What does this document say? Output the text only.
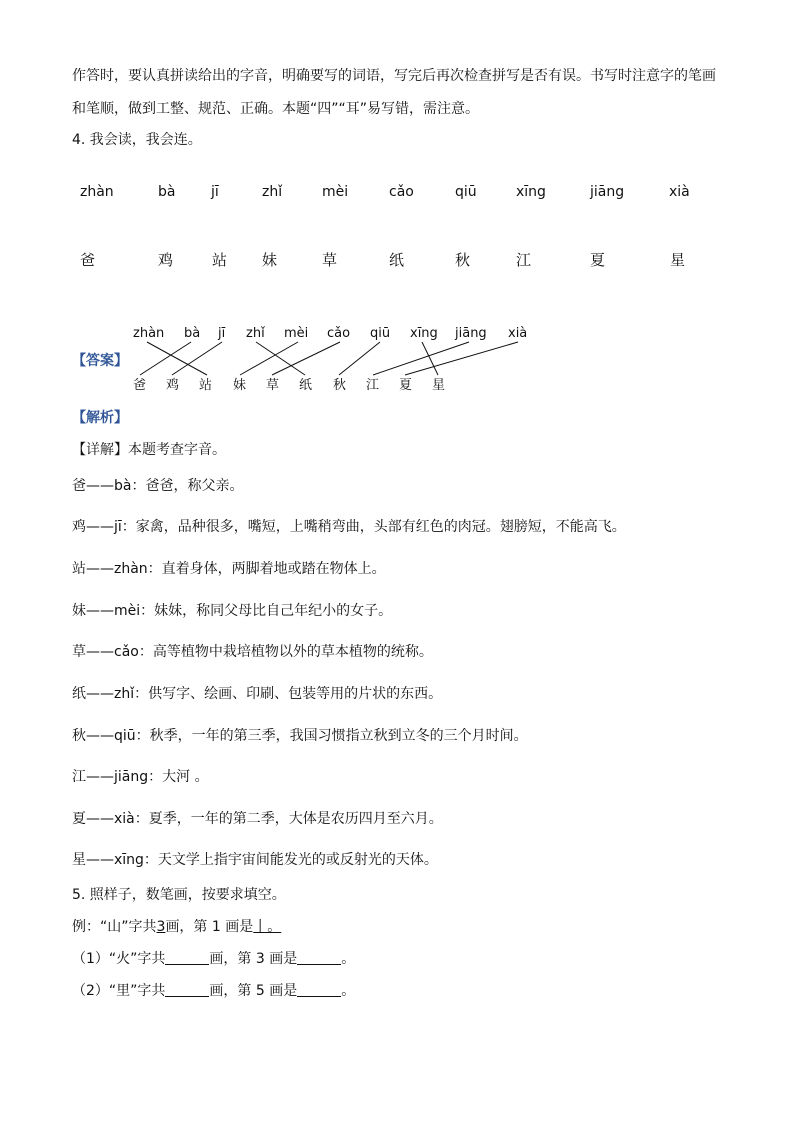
作答时，要认真拼读给出的字音，明确要写的词语，写完后再次检查拼写是否有误。书写时注意字的笔画
和笔顺，做到工整、规范、正确。本题“四”“耳”易写错，需注意。
4. 我会读，我会连。
zhàn	bà	jī	zhǐ	mèi	cǎo	qiū	xīng	jiāng	xià
爸	鸡	站 妹	草	纸	秋	江	夏	星
【答案】
zhàn bà jī zhǐ mèi cǎo qiū xīng jiāng xià
爸 鸡 站 妹 草 纸 秋 江 夏 星
【解析】
【详解】本题考查字音。
爸——bà：爸爸，称父亲。
鸡——jī：家禽，品种很多，嘴短，上嘴稍弯曲，头部有红色的肉冠。翅膀短，不能高飞。
站——zhàn：直着身体，两脚着地或踏在物体上。
妹——mèi：妹妹，称同父母比自己年纪小的女子。
草——cǎo：高等植物中栽培植物以外的草本植物的统称。
纸——zhǐ：供写字、绘画、印刷、包装等用的片状的东西。
秋——qiū：秋季，一年的第三季，我国习惯指立秋到立冬的三个月时间。
江——jiāng：大河 。
夏——xià：夏季，一年的第二季，大体是农历四月至六月。
星——xīng：天文学上指宇宙间能发光的或反射光的天体。
5. 照样子，数笔画，按要求填空。
例：“山”字共3画，第 1 画是丨。
（1）“火”字共	画，第 3 画是	。
（2）“里”字共	画，第 5 画是	。
